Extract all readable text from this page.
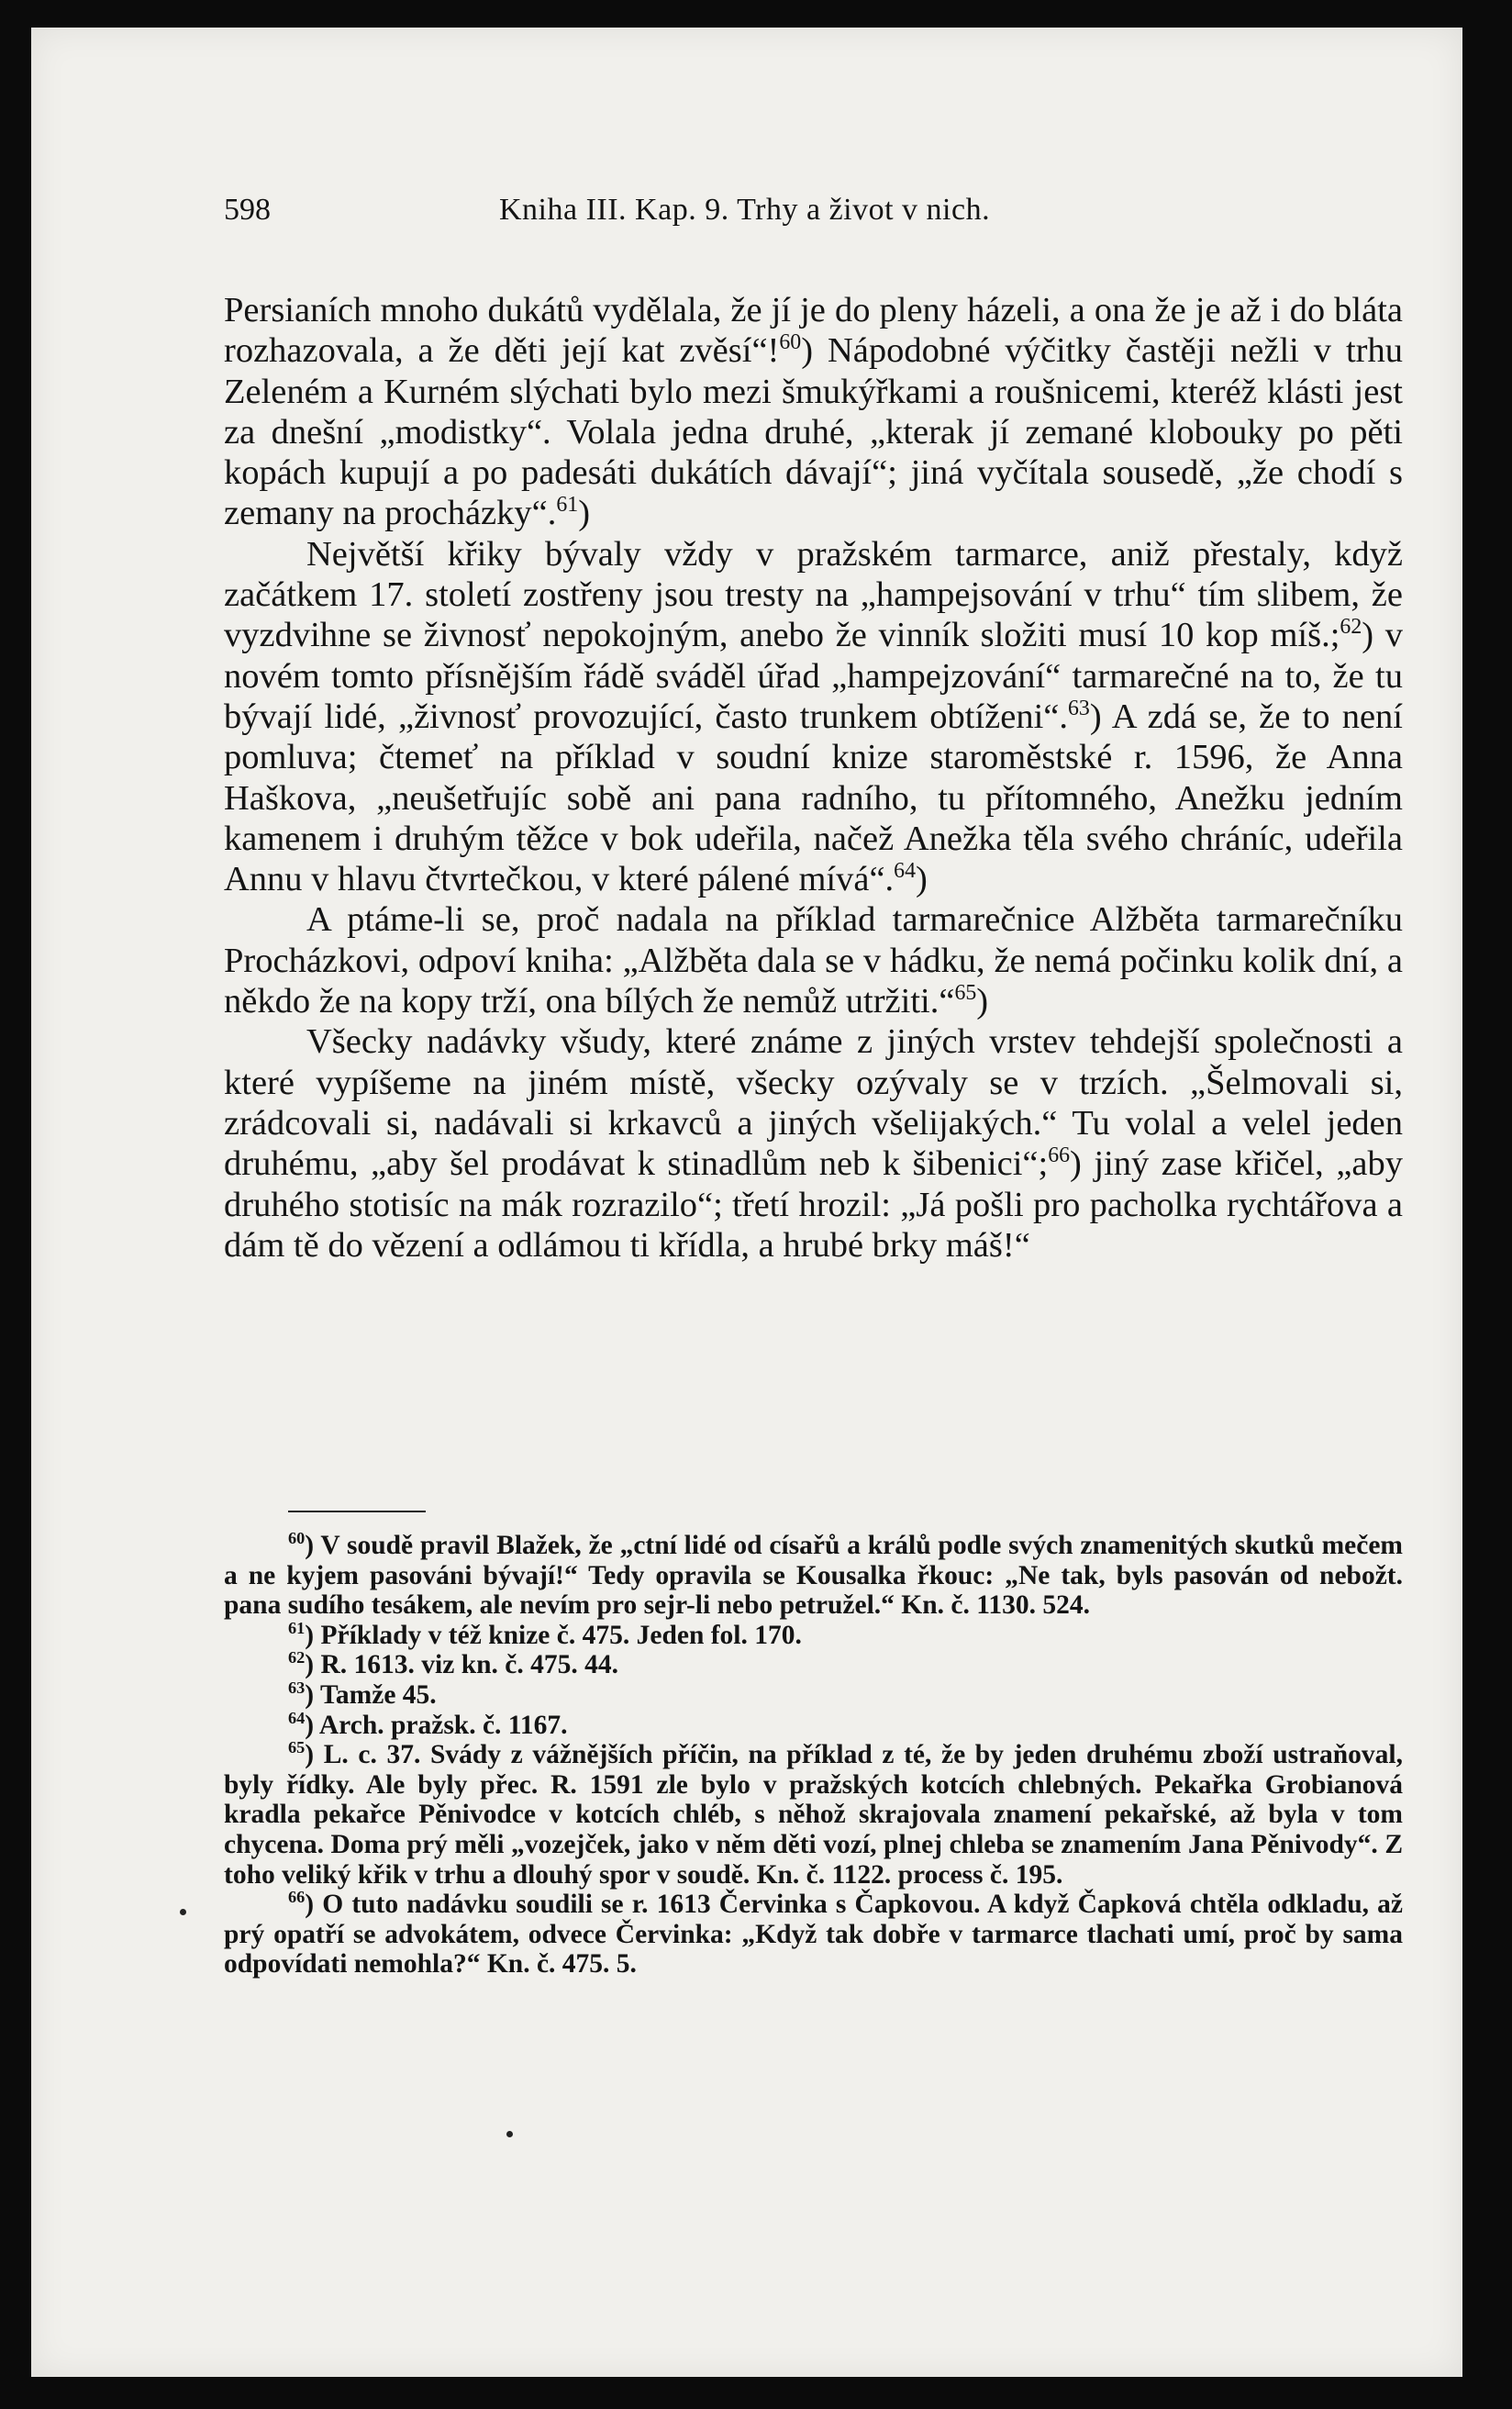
598	Kniha III. Kap. 9. Trhy a život v nich.

Persianích mnoho dukátů vydělala, že jí je do pleny házeli, a ona že je až i do bláta rozhazovala, a že děti její kat zvěsí“!$^{60}$) Nápodobné výčitky častěji nežli v trhu Zeleném a Kurném slýchati bylo mezi šmukýřkami a roušnicemi, kteréž klásti jest za dnešní „modistky“. Volala jedna druhé, „kterak jí zemané klobouky po pěti kopách kupují a po padesáti dukátích dávají“; jiná vyčítala sousedě, „že chodí s zemany na procházky“.$^{61}$)

Největší křiky bývaly vždy v pražském tarmarce, aniž přestaly, když začátkem 17. století zostřeny jsou tresty na „hampejsování v trhu“ tím slibem, že vyzdvihne se živnosť nepokojným, anebo že vinník složiti musí 10 kop míš.;$^{62}$) v novém tomto přísnějším řádě sváděl úřad „hampejzování“ tarmarečné na to, že tu bývají lidé, „živnosť provozující, často trunkem obtíženi“.$^{63}$) A zdá se, že to není pomluva; čtemeť na příklad v soudní knize staroměstské r. 1596, že Anna Haškova, „neušetřujíc sobě ani pana radního, tu přítomného, Anežku jedním kamenem i druhým těžce v bok udeřila, načež Anežka těla svého chráníc, udeřila Annu v hlavu čtvrtečkou, v které pálené mívá“.$^{64}$)

A ptáme-li se, proč nadala na příklad tarmarečnice Alžběta tarmarečníku Procházkovi, odpoví kniha: „Alžběta dala se v hádku, že nemá počinku kolik dní, a někdo že na kopy trží, ona bílých že nemůž utržiti.“$^{65}$)

Všecky nadávky všudy, které známe z jiných vrstev tehdejší společnosti a které vypíšeme na jiném místě, všecky ozývaly se v trzích. „Šelmovali si, zrádcovali si, nadávali si krkavců a jiných všelijakých.“ Tu volal a velel jeden druhému, „aby šel prodávat k stinadlům neb k šibenici“;$^{66}$) jiný zase křičel, „aby druhého stotisíc na mák rozrazilo“; třetí hrozil: „Já pošli pro pacholka rychtářova a dám tě do vězení a odlámou ti křídla, a hrubé brky máš!“

$^{60}$) V soudě pravil Blažek, že „ctní lidé od císařů a králů podle svých znamenitých skutků mečem a ne kyjem pasováni bývají!“ Tedy opravila se Kousalka řkouc: „Ne tak, byls pasován od nebožt. pana sudího tesákem, ale nevím pro sejr-li nebo petružel.“ Kn. č. 1130. 524.

$^{61}$) Příklady v též knize č. 475. Jeden fol. 170.

$^{62}$) R. 1613. viz kn. č. 475. 44.

$^{63}$) Tamže 45.

$^{64}$) Arch. pražsk. č. 1167.

$^{65}$) L. c. 37. Svády z vážnějších příčin, na příklad z té, že by jeden druhému zboží ustraňoval, byly řídky. Ale byly přec. R. 1591 zle bylo v pražských kotcích chlebných. Pekařka Grobianová kradla pekařce Pěnivodce v kotcích chléb, s něhož skrajovala znamení pekařské, až byla v tom chycena. Doma prý měli „vozejček, jako v něm děti vozí, plnej chleba se znamením Jana Pěnivody“. Z toho veliký křik v trhu a dlouhý spor v soudě. Kn. č. 1122. process č. 195.

$^{66}$) O tuto nadávku soudili se r. 1613 Červinka s Čapkovou. A když Čapková chtěla odkladu, až prý opatří se advokátem, odvece Červinka: „Když tak dobře v tarmarce tlachati umí, proč by sama odpovídati nemohla?“ Kn. č. 475. 5.
